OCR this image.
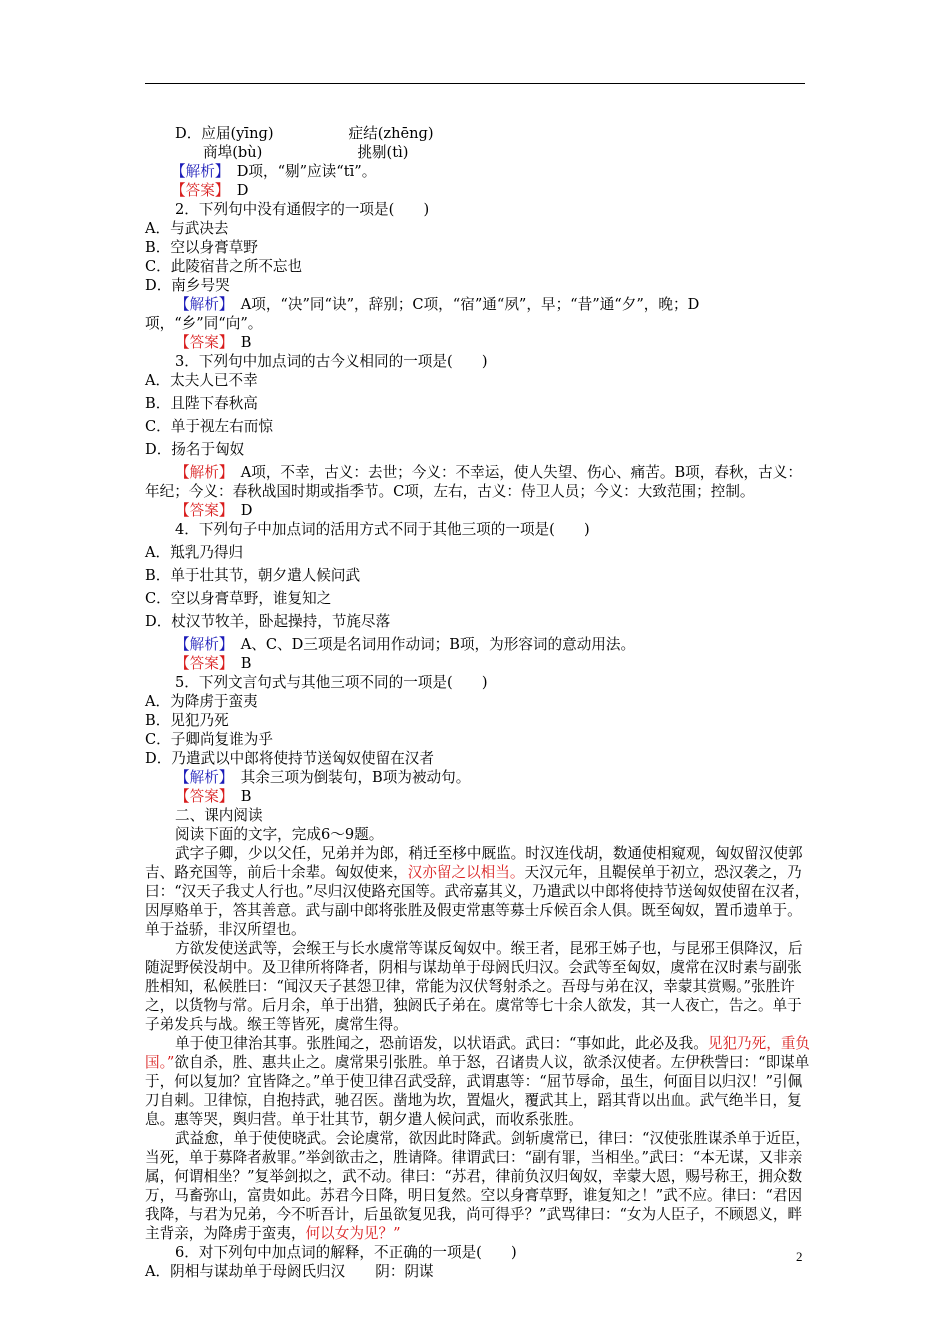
D．应届(yīnɡ)	症结(zhēnɡ)
商埠(bù)	挑剔(tì)
【解析】　 D项，“剔”应读“tī”。
【答案】　 D
2．下列句中没有通假字的一项是(　　)
A．与武决去
B．空以身膏草野
C．此陵宿昔之所不忘也
D．南乡号哭
【解析】　 A项，“决”同“诀”，辞别；C项，“宿”通“夙”，早；“昔”通“夕”，晚；D项，“乡”同“向”。
【答案】　 B
3．下列句中加点词的古今义相同的一项是(　　)
A．太夫人已不幸
B．且陛下春秋高
C．单于视左右而惊
D．扬名于匈奴
【解析】　 A项，不幸，古义：去世；今义：不幸运，使人失望、伤心、痛苦。B项，春秋，古义：年纪；今义：春秋战国时期或指季节。C项，左右，古义：侍卫人员；今义：大致范围；控制。
【答案】　 D
4．下列句子中加点词的活用方式不同于其他三项的一项是(　　)
A．羝乳乃得归
B．单于壮其节，朝夕遣人候问武
C．空以身膏草野，谁复知之
D．杖汉节牧羊，卧起操持，节旄尽落
【解析】　 A、C、D三项是名词用作动词；B项，为形容词的意动用法。
【答案】　 B
5．下列文言句式与其他三项不同的一项是(　　)
A．为降虏于蛮夷
B．见犯乃死
C．子卿尚复谁为乎
D．乃遣武以中郎将使持节送匈奴使留在汉者
【解析】　 其余三项为倒装句，B项为被动句。
【答案】　 B
二、课内阅读
阅读下面的文字，完成6～9题。
武字子卿，少以父任，兄弟并为郎，稍迁至栘中厩监。时汉连伐胡，数通使相窥观，匈奴留汉使郭吉、路充国等，前后十余辈。匈奴使来，汉亦留之以相当。天汉元年，且鞮侯单于初立，恐汉袭之，乃曰：“汉天子我丈人行也。”尽归汉使路充国等。武帝嘉其义，乃遣武以中郎将使持节送匈奴使留在汉者，因厚赂单于，答其善意。武与副中郎将张胜及假吏常惠等募士斥候百余人俱。既至匈奴，置币遗单于。单于益骄，非汉所望也。
方欲发使送武等，会缑王与长水虞常等谋反匈奴中。缑王者，昆邪王姊子也，与昆邪王俱降汉，后随浞野侯没胡中。及卫律所将降者，阴相与谋劫单于母阏氏归汉。会武等至匈奴，虞常在汉时素与副张胜相知，私候胜曰：“闻汉天子甚怨卫律，常能为汉伏弩射杀之。吾母与弟在汉，幸蒙其赏赐。”张胜许之，以货物与常。后月余，单于出猎，独阏氏子弟在。虞常等七十余人欲发，其一人夜亡，告之。单于子弟发兵与战。缑王等皆死，虞常生得。
单于使卫律治其事。张胜闻之，恐前语发，以状语武。武曰：“事如此，此必及我。见犯乃死，重负国。”欲自杀，胜、惠共止之。虞常果引张胜。单于怒，召诸贵人议，欲杀汉使者。左伊秩訾曰：“即谋单于，何以复加？宜皆降之。”单于使卫律召武受辞，武谓惠等：“屈节辱命，虽生，何面目以归汉！”引佩刀自刺。卫律惊，自抱持武，驰召医。凿地为坎，置煴火，覆武其上，蹈其背以出血。武气绝半日，复息。惠等哭，舆归营。单于壮其节，朝夕遣人候问武，而收系张胜。
武益愈，单于使使晓武。会论虞常，欲因此时降武。剑斩虞常已，律曰：“汉使张胜谋杀单于近臣，当死，单于募降者赦罪。”举剑欲击之，胜请降。律谓武曰：“副有罪，当相坐。”武曰：“本无谋，又非亲属，何谓相坐？”复举剑拟之，武不动。律曰：“苏君，律前负汉归匈奴，幸蒙大恩，赐号称王，拥众数万，马畜弥山，富贵如此。苏君今日降，明日复然。空以身膏草野，谁复知之！”武不应。律曰：“君因我降，与君为兄弟，今不听吾计，后虽欲复见我，尚可得乎？”武骂律曰：“女为人臣子，不顾恩义，畔主背亲，为降虏于蛮夷，何以女为见？”
6．对下列句中加点词的解释，不正确的一项是(　　)
A．阴相与谋劫单于母阏氏归汉 阴：阴谋
2
